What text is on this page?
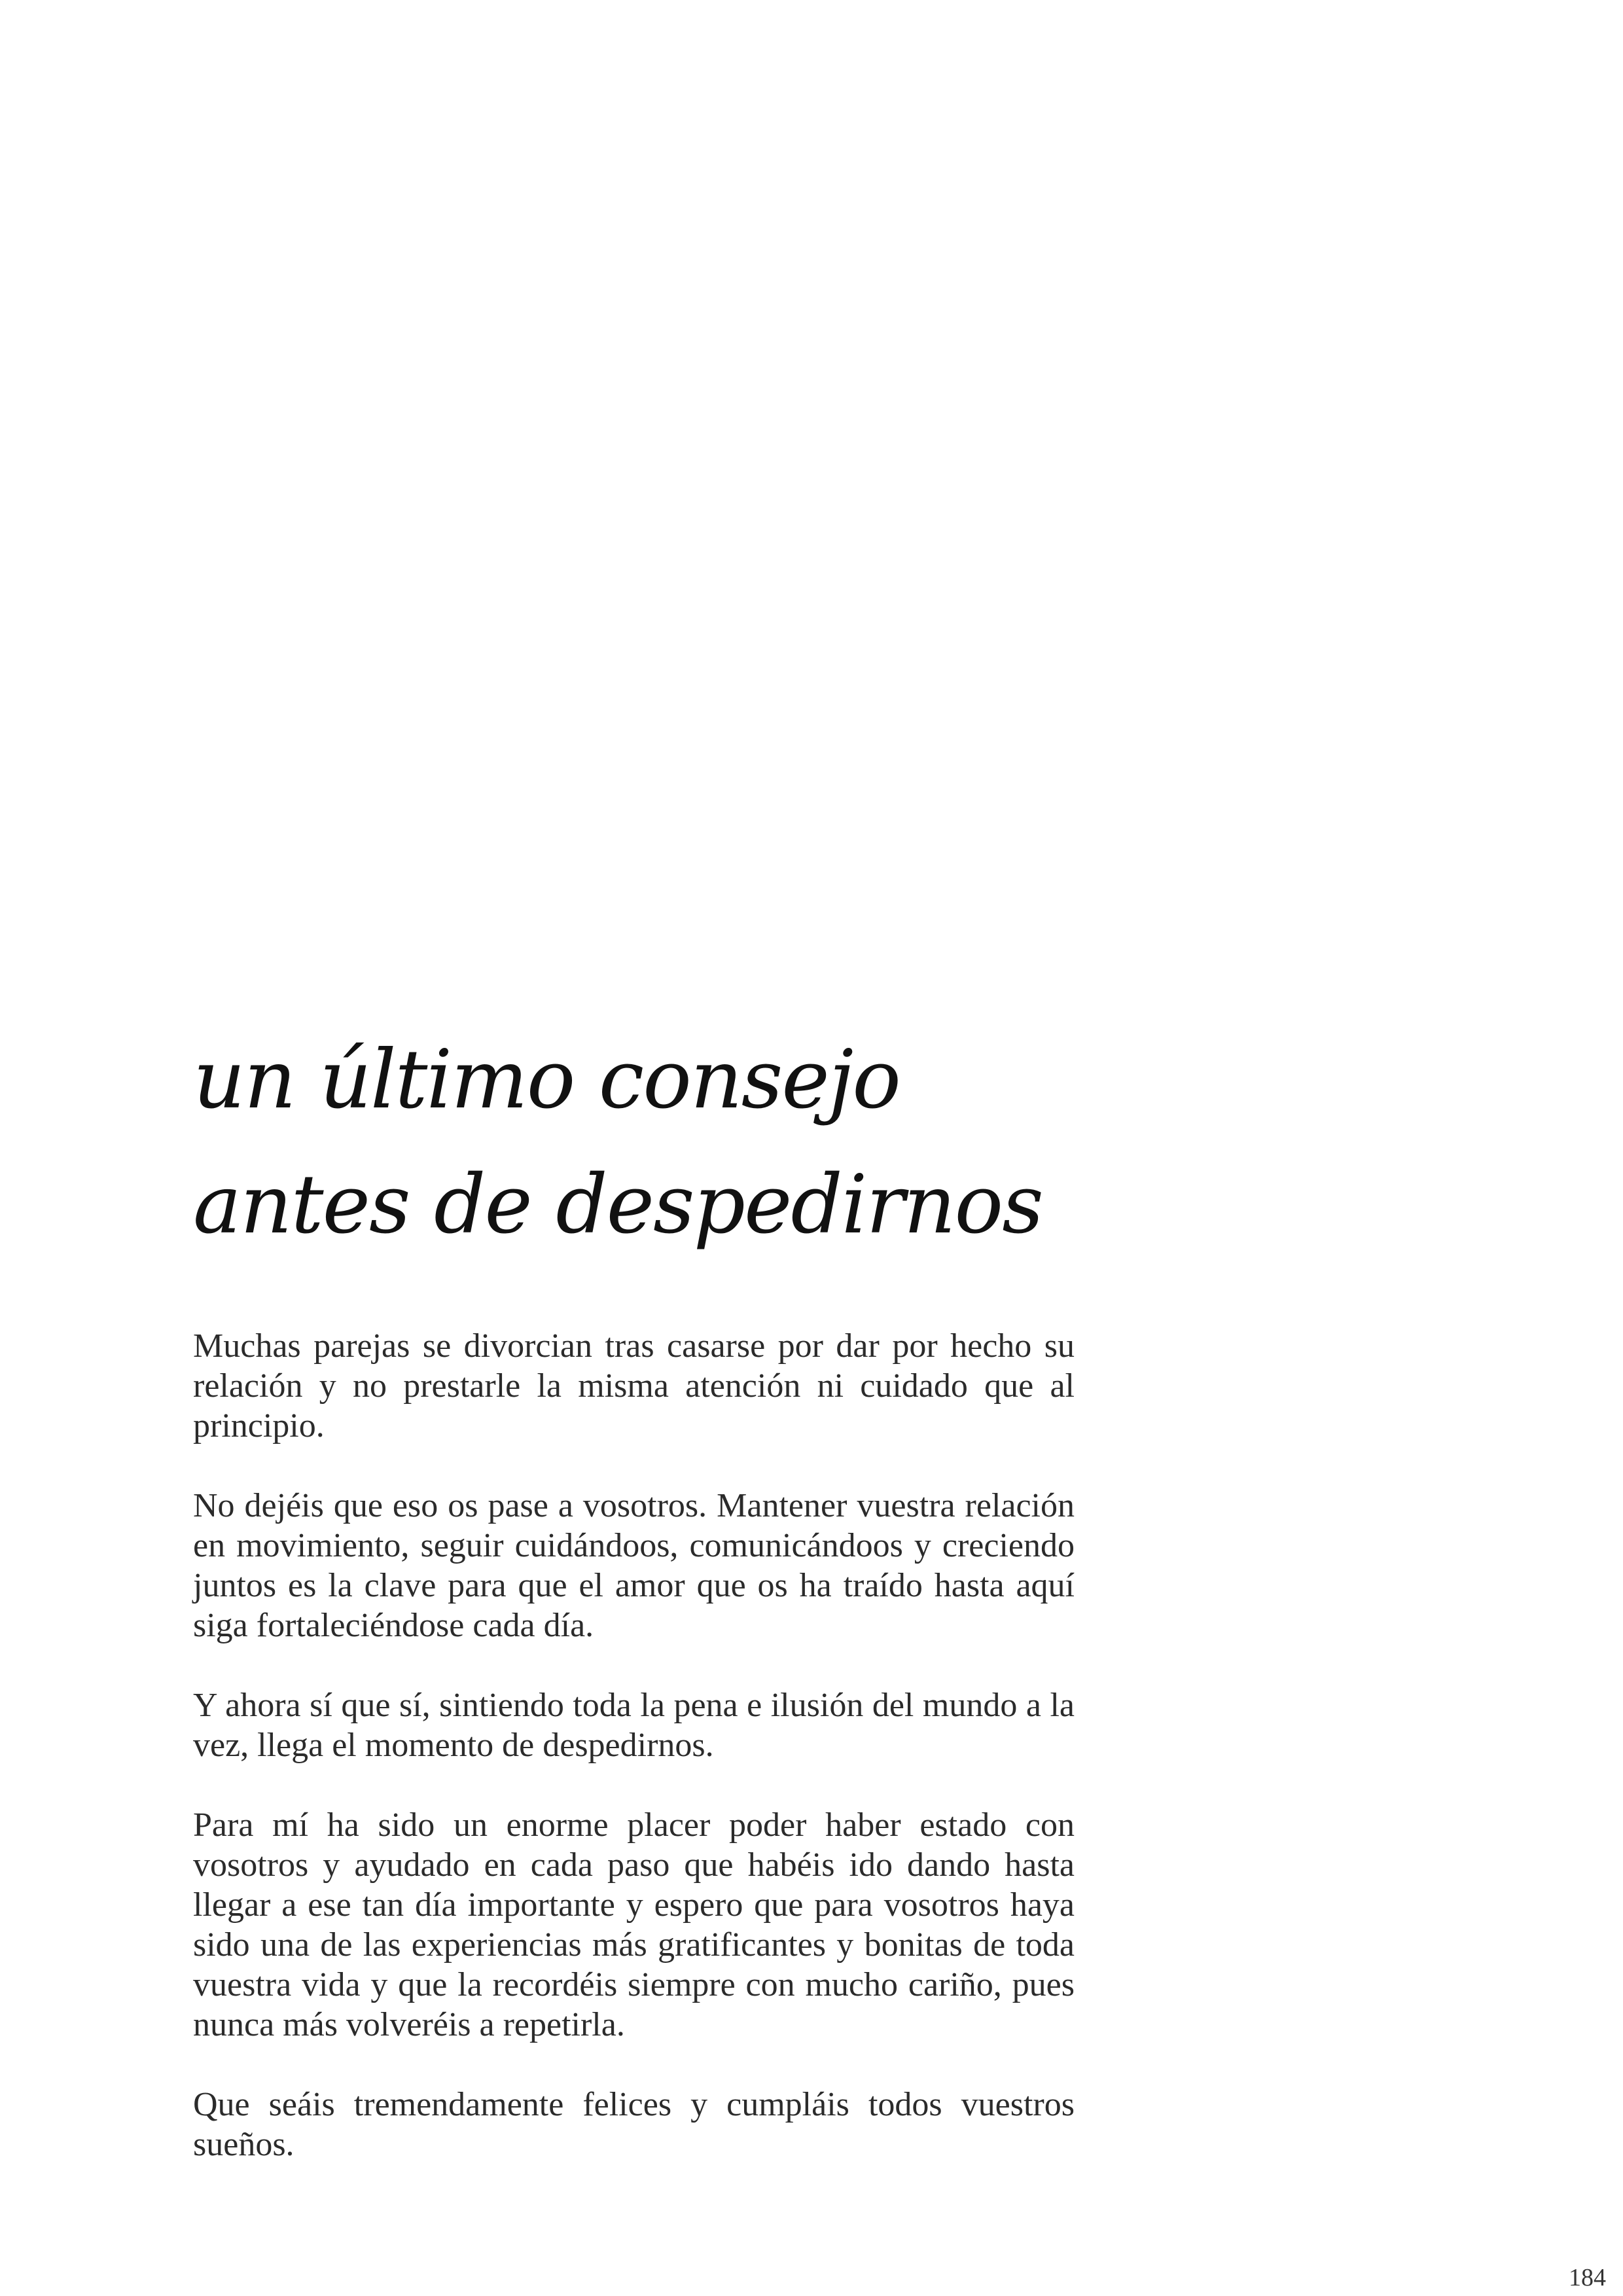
un último consejo
antes de despedirnos

Muchas parejas se divorcian tras casarse por dar por hecho su relación y no prestarle la misma atención ni cuidado que al principio.

No dejéis que eso os pase a vosotros. Mantener vuestra relación en movimiento, seguir cuidándoos, comunicándoos y creciendo juntos es la clave para que el amor que os ha traído hasta aquí siga fortaleciéndose cada día.

Y ahora sí que sí, sintiendo toda la pena e ilusión del mundo a la vez, llega el momento de despedirnos.

Para mí ha sido un enorme placer poder haber estado con vosotros y ayudado en cada paso que habéis ido dando hasta llegar a ese tan día importante y espero que para vosotros haya sido una de las experiencias más gratificantes y bonitas de toda vuestra vida y que la recordéis siempre con mucho cariño, pues nunca más volveréis a repetirla.

Que seáis tremendamente felices y cumpláis todos vuestros sueños.

184
